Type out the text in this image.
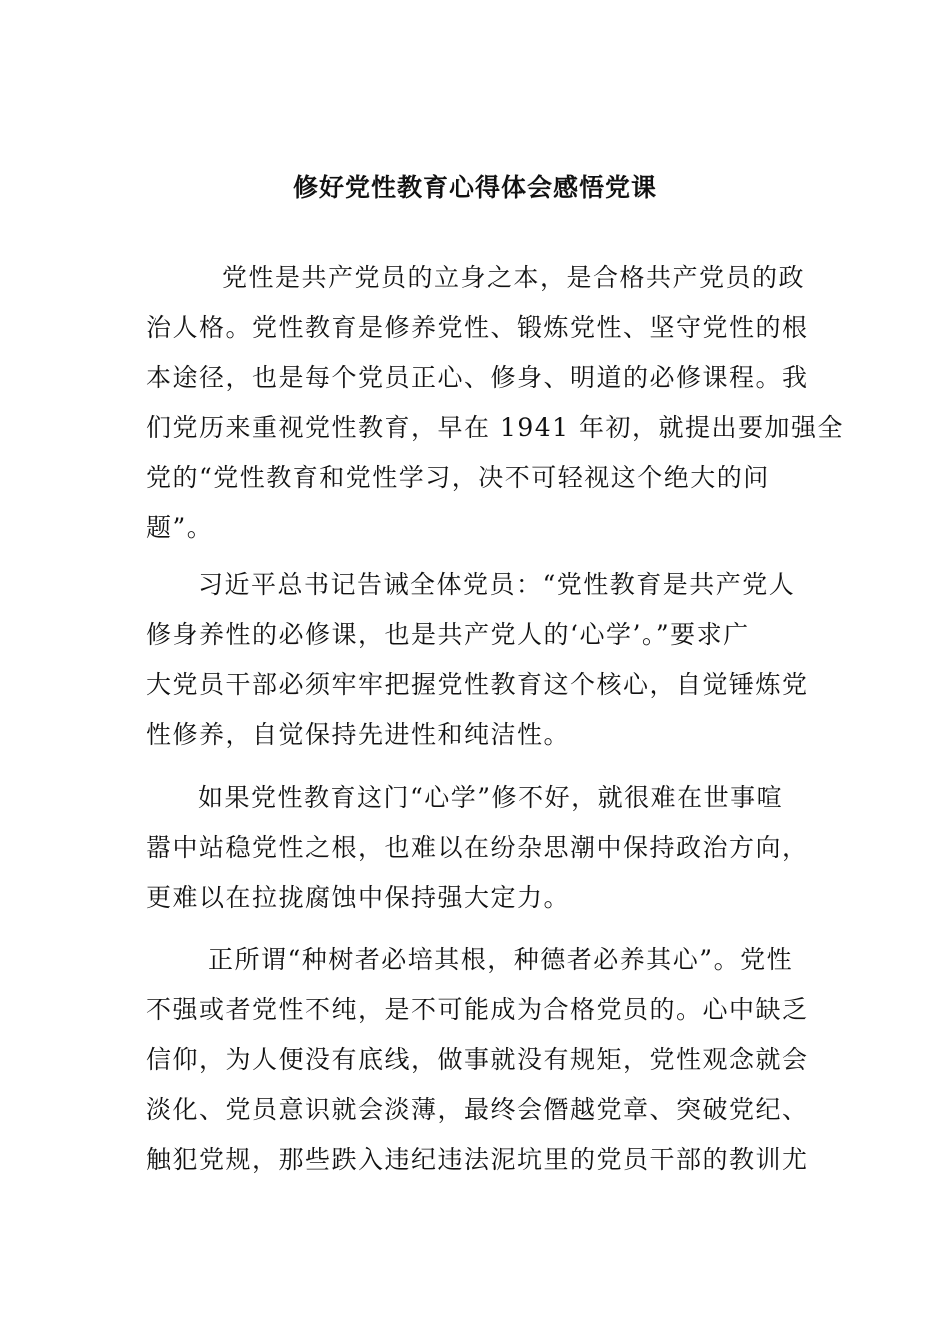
修好党性教育心得体会感悟党课

党性是共产党员的立身之本，是合格共产党员的政
治人格。党性教育是修养党性、锻炼党性、坚守党性的根
本途径，也是每个党员正心、修身、明道的必修课程。我
们党历来重视党性教育，早在 1941 年初，就提出要加强全
党的“党性教育和党性学习，决不可轻视这个绝大的问
题”。

习近平总书记告诫全体党员：“党性教育是共产党人
修身养性的必修课，也是共产党人的‘心学’。”要求广
大党员干部必须牢牢把握党性教育这个核心，自觉锤炼党
性修养，自觉保持先进性和纯洁性。

如果党性教育这门“心学”修不好，就很难在世事喧
嚣中站稳党性之根，也难以在纷杂思潮中保持政治方向，
更难以在拉拢腐蚀中保持强大定力。

正所谓“种树者必培其根，种德者必养其心”。党性
不强或者党性不纯，是不可能成为合格党员的。心中缺乏
信仰，为人便没有底线，做事就没有规矩，党性观念就会
淡化、党员意识就会淡薄，最终会僭越党章、突破党纪、
触犯党规，那些跌入违纪违法泥坑里的党员干部的教训尤
